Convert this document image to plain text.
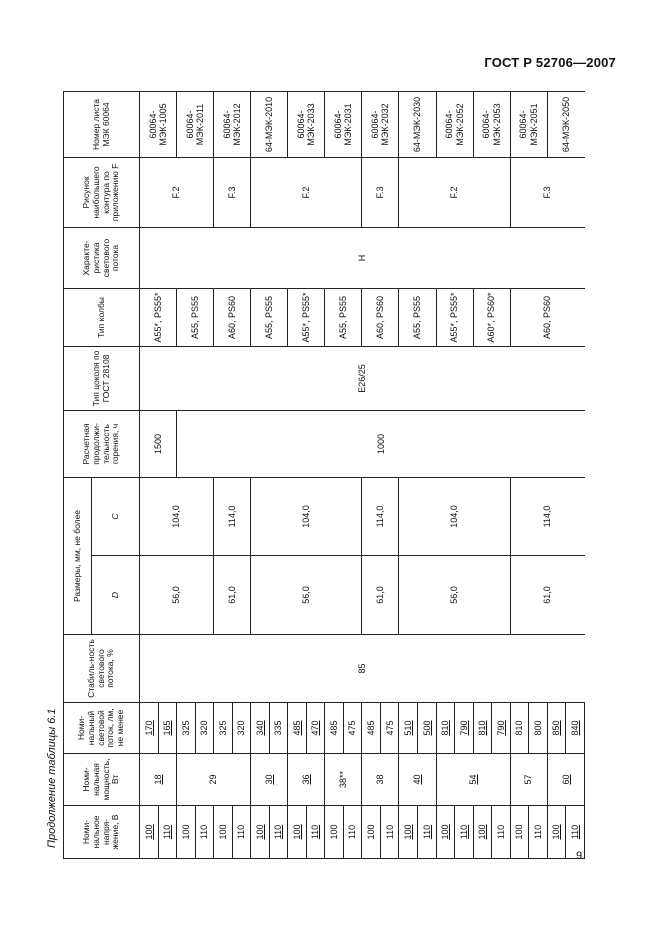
ГОСТ Р 52706—2007
Продолжение таблицы 6.1	Номи-нальное напря-жение, В	Номи-нальная мощность, Вт	Номи-нальный световой поток, лм, не менее	Стабиль-ность светового потока, %	Размеры, мм, не более		Расчетная продолжи-тельность горения, ч	Тип цоколя по ГОСТ 28108	Тип колбы	Характе-ристика светового потока	Рисунок наибольшего контура по приложению F	Номер листа МЭК 60064
				D	C						
100	18	170	85	56,0	104,0	1500	E26/25	A55*, PS55*	H	F.2	60064-МЭК-1005
110		165									
100	29	325				1000		A55, PS55			60064-МЭК-2011
110		320									
100		325		61,0	114,0			A60, PS60		F.3	60064-МЭК-2012
110		320									
100	30	340		56,0	104,0			A55, PS55		F.2	64-МЭК-2010
110		335									
100	36	485						A55*, PS55*			60064-МЭК-2033
110		470									
100	38**	485						A55, PS55			60064-МЭК-2031
110		475									
100	38	485		61,0	114,0			A60, PS60		F.3	60064-МЭК-2032
110		475									
100	40	510		56,0	104,0			A55, PS55		F.2	64-МЭК-2030
110		500									
100	54	810						A55*, PS55*			60064-МЭК-2052
110		790									
100		810						A60*, PS60*			60064-МЭК-2053
110		790									
100	57	810		61,0	114,0			A60, PS60		F.3	60064-МЭК-2051
110		800									
100	60	850									64-МЭК-2050
110		840									
9
